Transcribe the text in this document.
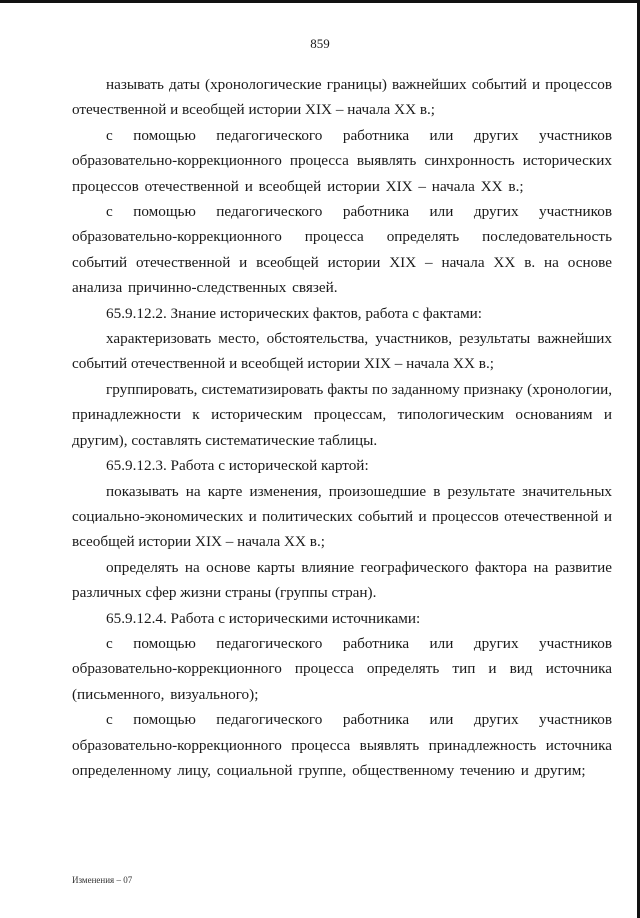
859

называть даты (хронологические границы) важнейших событий и процессов отечественной и всеобщей истории XIX – начала XX в.;

с помощью педагогического работника или других участников образовательно-коррекционного процесса выявлять синхронность исторических процессов отечественной и всеобщей истории XIX – начала XX в.;

с помощью педагогического работника или других участников образовательно-коррекционного процесса определять последовательность событий отечественной и всеобщей истории XIX – начала XX в. на основе анализа причинно-следственных связей.

65.9.12.2. Знание исторических фактов, работа с фактами:

характеризовать место, обстоятельства, участников, результаты важнейших событий отечественной и всеобщей истории XIX – начала XX в.;

группировать, систематизировать факты по заданному признаку (хронологии, принадлежности к историческим процессам, типологическим основаниям и другим), составлять систематические таблицы.

65.9.12.3. Работа с исторической картой:

показывать на карте изменения, произошедшие в результате значительных социально-экономических и политических событий и процессов отечественной и всеобщей истории XIX – начала XX в.;

определять на основе карты влияние географического фактора на развитие различных сфер жизни страны (группы стран).

65.9.12.4. Работа с историческими источниками:

с помощью педагогического работника или других участников образовательно-коррекционного процесса определять тип и вид источника (письменного, визуального);

с помощью педагогического работника или других участников образовательно-коррекционного процесса выявлять принадлежность источника определенному лицу, социальной группе, общественному течению и другим;

Изменения – 07
